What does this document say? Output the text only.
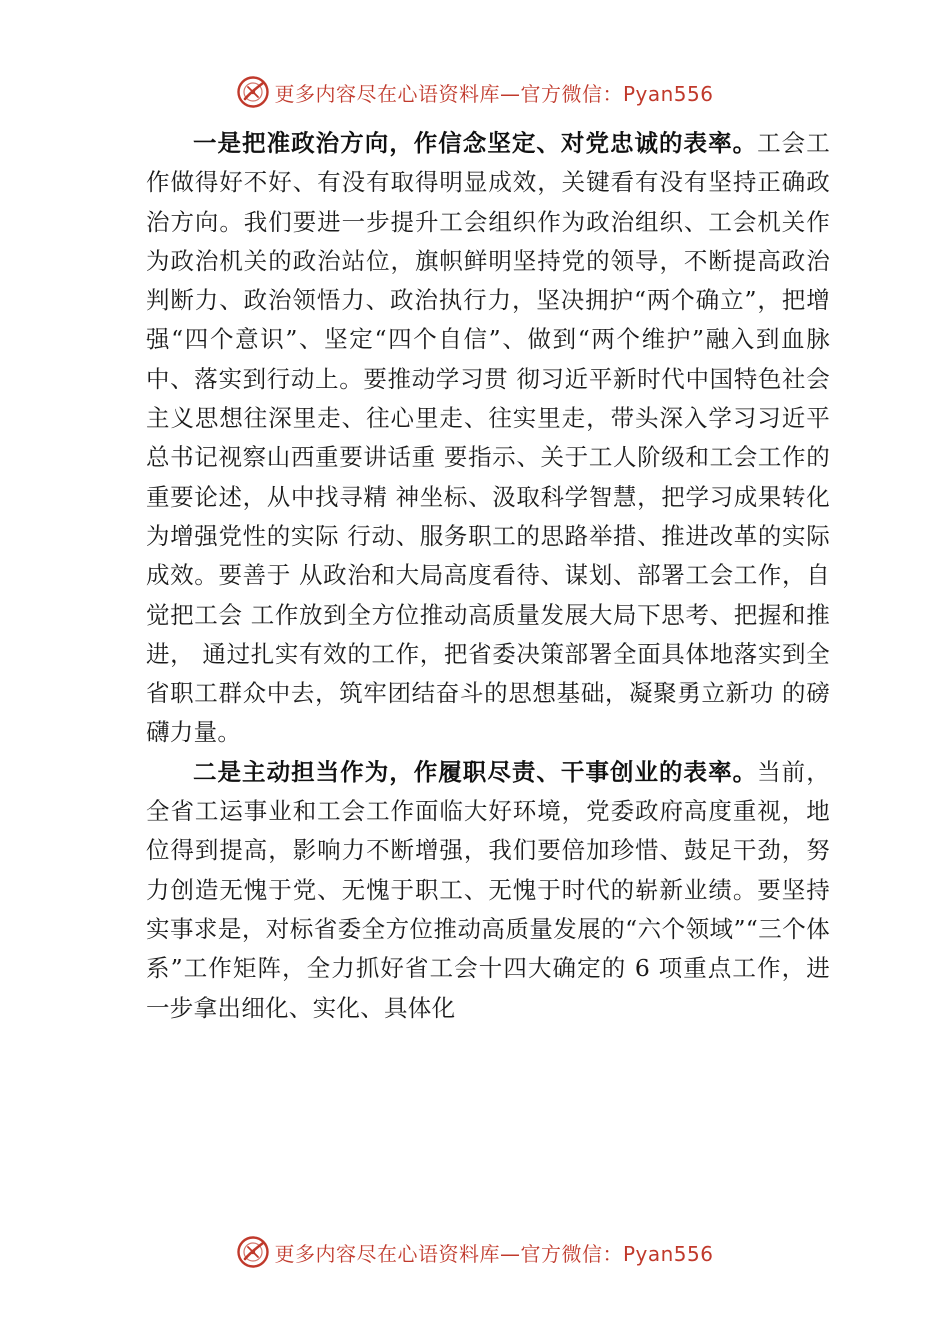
更多内容尽在心语资料库—官方微信：Pyan556

一是把准政治方向，作信念坚定、对党忠诚的表率。工会工作做得好不好、有没有取得明显成效，关键看有没有坚持正确政治方向。我们要进一步提升工会组织作为政治组织、工会机关作为政治机关的政治站位，旗帜鲜明坚持党的领导，不断提高政治判断力、政治领悟力、政治执行力，坚决拥护“两个确立”，把增强“四个意识”、坚定“四个自信”、做到“两个维护”融入到血脉中、落实到行动上。要推动学习贯 彻习近平新时代中国特色社会主义思想往深里走、往心里走、往实里走，带头深入学习习近平总书记视察山西重要讲话重 要指示、关于工人阶级和工会工作的重要论述，从中找寻精 神坐标、汲取科学智慧，把学习成果转化为增强党性的实际 行动、服务职工的思路举措、推进改革的实际成效。要善于 从政治和大局高度看待、谋划、部署工会工作，自觉把工会 工作放到全方位推动高质量发展大局下思考、把握和推进， 通过扎实有效的工作，把省委决策部署全面具体地落实到全 省职工群众中去，筑牢团结奋斗的思想基础，凝聚勇立新功 的磅礴力量。

二是主动担当作为，作履职尽责、干事创业的表率。当前，全省工运事业和工会工作面临大好环境，党委政府高度重视，地位得到提高，影响力不断增强，我们要倍加珍惜、鼓足干劲，努力创造无愧于党、无愧于职工、无愧于时代的崭新业绩。要坚持实事求是，对标省委全方位推动高质量发展的“六个领域”“三个体系”工作矩阵，全力抓好省工会十四大确定的 6 项重点工作，进一步拿出细化、实化、具体化

更多内容尽在心语资料库—官方微信：Pyan556
